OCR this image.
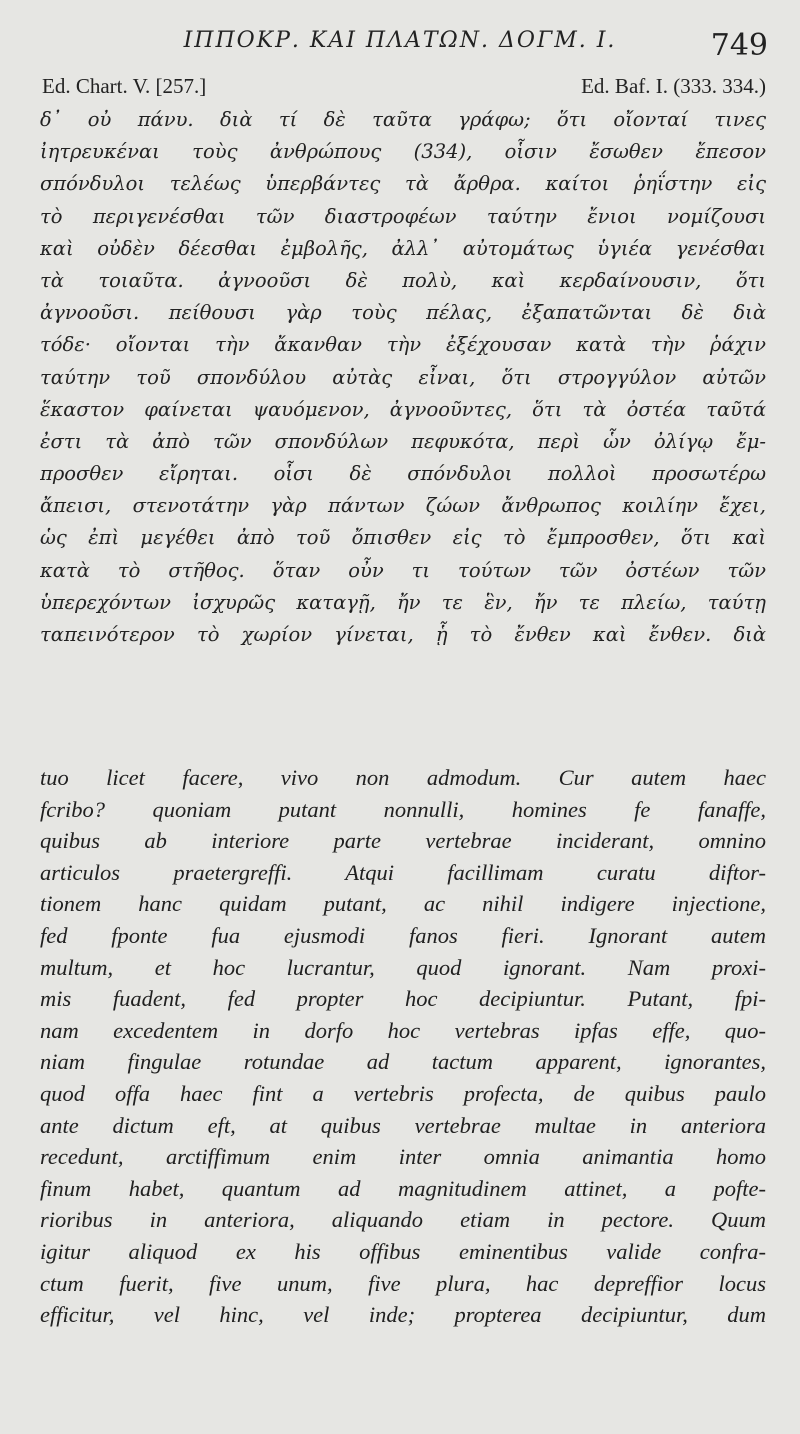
ΙΠΠΟΚΡ. ΚΑΙ ΠΛΑΤΩΝ. ΔΟΓΜ. Ι.	749
Ed. Chart. V. [257.]	Ed. Baf. I. (333. 334.)
δ᾽ οὐ πάνυ. διὰ τί δὲ ταῦτα γράφω; ὅτι οἴονταί τινες
ἰητρευκέναι τοὺς ἀνθρώπους (334), οἷσιν ἔσωθεν ἔπεσον
σπόνδυλοι τελέως ὑπερβάντες τὰ ἄρθρα. καίτοι ῥηΐστην εἰς
τὸ περιγενέσθαι τῶν διαστροφέων ταύτην ἔνιοι νομίζουσι
καὶ οὐδὲν δέεσθαι ἐμβολῆς, ἀλλ᾽ αὐτομάτως ὑγιέα γενέσθαι
τὰ τοιαῦτα. ἀγνοοῦσι δὲ πολὺ, καὶ κερδαίνουσιν, ὅτι
ἀγνοοῦσι. πείθουσι γὰρ τοὺς πέλας, ἐξαπατῶνται δὲ διὰ
τόδε· οἴονται τὴν ἄκανθαν τὴν ἐξέχουσαν κατὰ τὴν ῥάχιν
ταύτην τοῦ σπονδύλου αὐτὰς εἶναι, ὅτι στρογγύλον αὐτῶν
ἕκαστον φαίνεται ψαυόμενον, ἀγνοοῦντες, ὅτι τὰ ὀστέα ταῦτά
ἐστι τὰ ἀπὸ τῶν σπονδύλων πεφυκότα, περὶ ὧν ὀλίγῳ ἔμ-
προσθεν εἴρηται. οἷσι δὲ σπόνδυλοι πολλοὶ προσωτέρω
ἄπεισι, στενοτάτην γὰρ πάντων ζώων ἄνθρωπος κοιλίην ἔχει,
ὡς ἐπὶ μεγέθει ἀπὸ τοῦ ὄπισθεν εἰς τὸ ἔμπροσθεν, ὅτι καὶ
κατὰ τὸ στῆθος. ὅταν οὖν τι τούτων τῶν ὀστέων τῶν
ὑπερεχόντων ἰσχυρῶς καταγῇ, ἤν τε ἓν, ἤν τε πλείω, ταύτῃ
ταπεινότερον τὸ χωρίον γίνεται, ᾗ τὸ ἔνθεν καὶ ἔνθεν. διὰ
tuo licet facere, vivo non admodum. Cur autem haec
fcribo? quoniam putant nonnulli, homines fe fanaffe,
quibus ab interiore parte vertebrae inciderant, omnino
articulos praetergreffi. Atqui facillimam curatu diftor-
tionem hanc quidam putant, ac nihil indigere injectione,
fed fponte fua ejusmodi fanos fieri. Ignorant autem
multum, et hoc lucrantur, quod ignorant. Nam proxi-
mis fuadent, fed propter hoc decipiuntur. Putant, fpi-
nam excedentem in dorfo hoc vertebras ipfas effe, quo-
niam fingulae rotundae ad tactum apparent, ignorantes,
quod offa haec fint a vertebris profecta, de quibus paulo
ante dictum eft, at quibus vertebrae multae in anteriora
recedunt, arctiffimum enim inter omnia animantia homo
finum habet, quantum ad magnitudinem attinet, a pofte-
rioribus in anteriora, aliquando etiam in pectore. Quum
igitur aliquod ex his offibus eminentibus valide confra-
ctum fuerit, five unum, five plura, hac depreffior locus
efficitur, vel hinc, vel inde; propterea decipiuntur, dum
